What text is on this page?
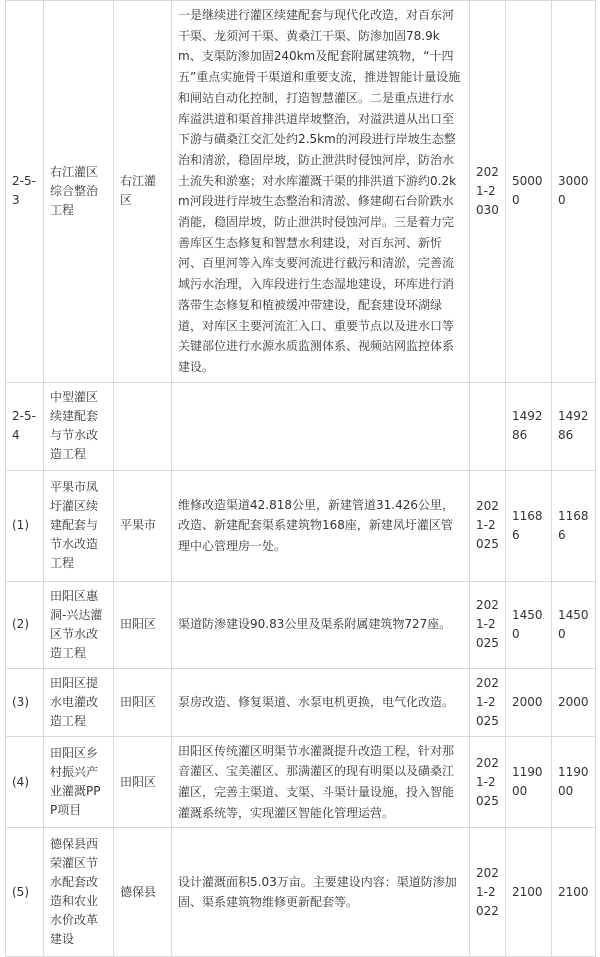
2-5-3	右江灌区综合整治工程	右江灌区	一是继续进行灌区续建配套与现代化改造，对百东河干渠、龙须河干渠、黄桑江干渠、防渗加固78.9km、支渠防渗加固240km及配套附属建筑物，“十四五”重点实施骨干渠道和重要支流，推进智能计量设施和闸站自动化控制，打造智慧灌区。二是重点进行水库溢洪道和渠首排洪道岸坡整治，对溢洪道从出口至下游与磺桑江交汇处约2.5km的河段进行岸坡生态整治和清淤，稳固岸坡，防止泄洪时侵蚀河岸，防治水土流失和淤塞；对水库灌溉干渠的排洪道下游约0.2km河段进行岸坡生态整治和清淤、修建砌石台阶跌水消能，稳固岸坡，防止泄洪时侵蚀河岸。三是着力完善库区生态修复和智慧水利建设，对百东河、新忻河、百里河等入库支要河流进行截污和清淤，完善流域污水治理，入库段进行生态湿地建设，环库进行消落带生态修复和植被缓冲带建设，配套建设环湖绿道，对库区主要河流汇入口、重要节点以及进水口等关键部位进行水源水质监测体系、视频站网监控体系建设。	2021-2030	50000	30000
2-5-4	中型灌区续建配套与节水改造工程				149286	149286
(1)	平果市凤圩灌区续建配套与节水改造工程	平果市	维修改造渠道42.818公里，新建管道31.426公里，改造、新建配套渠系建筑物168座，新建凤圩灌区管理中心管理房一处。	2021-2025	11686	11686
(2)	田阳区惠洞-兴达灌区节水改造工程	田阳区	渠道防渗建设90.83公里及渠系附属建筑物727座。	2021-2025	14500	14500
(3)	田阳区提水电灌改造工程	田阳区	泵房改造、修复渠道、水泵电机更换，电气化改造。	2021-2025	2000	2000
(4)	田阳区乡村振兴产业灌溉PPP项目	田阳区	田阳区传统灌区明渠节水灌溉提升改造工程，针对那音灌区、宝美灌区、那满灌区的现有明渠以及磺桑江灌区，完善主渠道、支渠、斗渠计量设施，投入智能灌溉系统等，实现灌区智能化管理运营。	2021-2025	119000	119000
(5)	德保县西荣灌区节水配套改造和农业水价改革建设	德保县	设计灌溉面积5.03万亩。主要建设内容：渠道防渗加固、渠系建筑物维修更新配套等。	2021-2022	2100	2100
